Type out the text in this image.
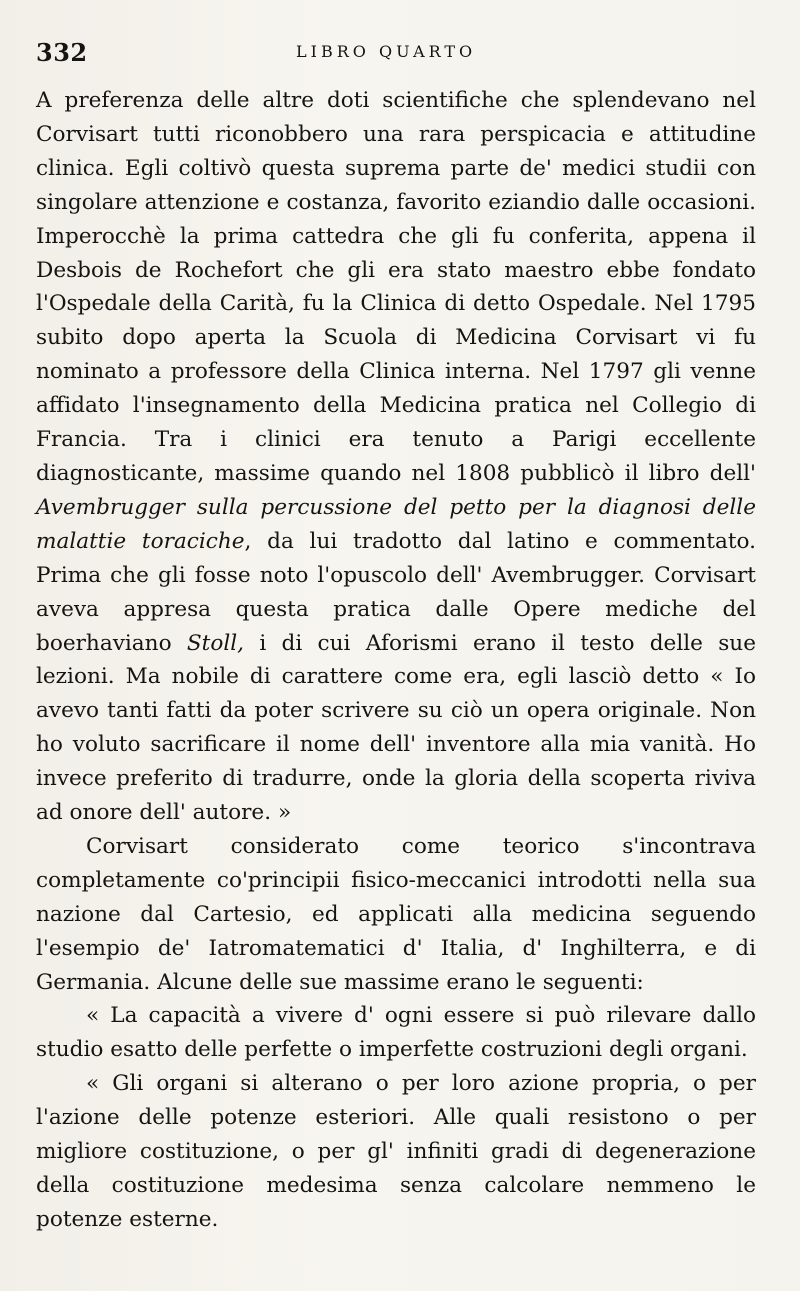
332	LIBRO QUARTO

A preferenza delle altre doti scientifiche che splendevano nel Corvisart tutti riconobbero una rara perspicacia e attitudine clinica. Egli coltivò questa suprema parte de' medici studii con singolare attenzione e costanza, favorito eziandio dalle occasioni. Imperocchè la prima cattedra che gli fu conferita, appena il Desbois de Rochefort che gli era stato maestro ebbe fondato l'Ospedale della Carità, fu la Clinica di detto Ospedale. Nel 1795 subito dopo aperta la Scuola di Medicina Corvisart vi fu nominato a professore della Clinica interna. Nel 1797 gli venne affidato l'insegnamento della Medicina pratica nel Collegio di Francia. Tra i clinici era tenuto a Parigi eccellente diagnosticante, massime quando nel 1808 pubblicò il libro dell' Avembrugger sulla percussione del petto per la diagnosi delle malattie toraciche, da lui tradotto dal latino e commentato. Prima che gli fosse noto l'opuscolo dell' Avembrugger. Corvisart aveva appresa questa pratica dalle Opere mediche del boerhaviano Stoll, i di cui Aforismi erano il testo delle sue lezioni. Ma nobile di carattere come era, egli lasciò detto « Io avevo tanti fatti da poter scrivere su ciò un opera originale. Non ho voluto sacrificare il nome dell' inventore alla mia vanità. Ho invece preferito di tradurre, onde la gloria della scoperta riviva ad onore dell' autore. »

Corvisart considerato come teorico s'incontrava completamente co'principii fisico-meccanici introdotti nella sua nazione dal Cartesio, ed applicati alla medicina seguendo l'esempio de' Iatromatematici d' Italia, d' Inghilterra, e di Germania. Alcune delle sue massime erano le seguenti:

« La capacità a vivere d' ogni essere si può rilevare dallo studio esatto delle perfette o imperfette costruzioni degli organi.

« Gli organi si alterano o per loro azione propria, o per l'azione delle potenze esteriori. Alle quali resistono o per migliore costituzione, o per gl' infiniti gradi di degenerazione della costituzione medesima senza calcolare nemmeno le potenze esterne.
